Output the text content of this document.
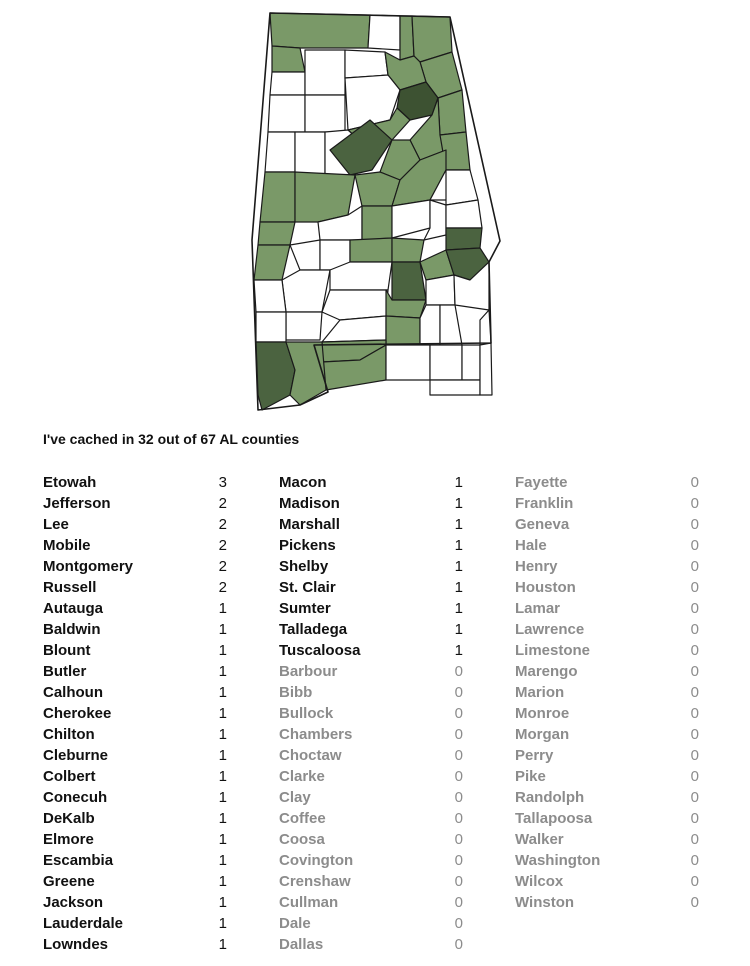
I've cached in 32 out of 67 AL counties
Etowah	3
Jefferson	2
Lee	2
Mobile	2
Montgomery	2
Russell	2
Autauga	1
Baldwin	1
Blount	1
Butler	1
Calhoun	1
Cherokee	1
Chilton	1
Cleburne	1
Colbert	1
Conecuh	1
DeKalb	1
Elmore	1
Escambia	1
Greene	1
Jackson	1
Lauderdale	1
Lowndes	1
Macon	1
Madison	1
Marshall	1
Pickens	1
Shelby	1
St. Clair	1
Sumter	1
Talladega	1
Tuscaloosa	1
Barbour	0
Bibb	0
Bullock	0
Chambers	0
Choctaw	0
Clarke	0
Clay	0
Coffee	0
Coosa	0
Covington	0
Crenshaw	0
Cullman	0
Dale	0
Dallas	0
Fayette	0
Franklin	0
Geneva	0
Hale	0
Henry	0
Houston	0
Lamar	0
Lawrence	0
Limestone	0
Marengo	0
Marion	0
Monroe	0
Morgan	0
Perry	0
Pike	0
Randolph	0
Tallapoosa	0
Walker	0
Washington	0
Wilcox	0
Winston	0
